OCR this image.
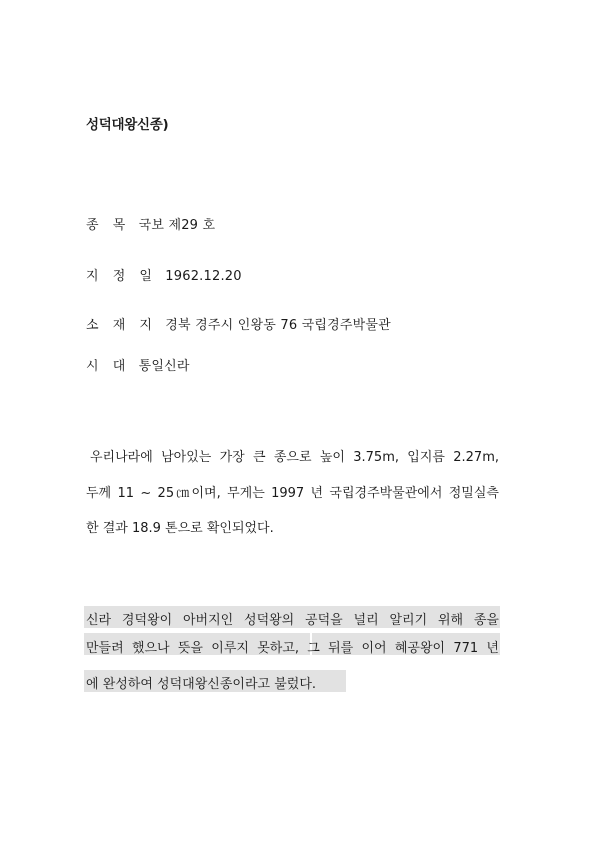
성덕대왕신종)
종 목 국보 제29 호
지 정 일 1962.12.20
소 재 지 경북 경주시 인왕동 76 국립경주박물관
시 대 통일신라
우리나라에 남아있는 가장 큰 종으로 높이 3.75m, 입지름 2.27m,
두께 11 ~ 25㎝이며, 무게는 1997 년 국립경주박물관에서 정밀실측
한 결과 18.9 톤으로 확인되었다.
신라 경덕왕이 아버지인 성덕왕의 공덕을 널리 알리기 위해 종을
만들려 했으나 뜻을 이루지 못하고, 그 뒤를 이어 혜공왕이 771 년
에 완성하여 성덕대왕신종이라고 불렀다.
